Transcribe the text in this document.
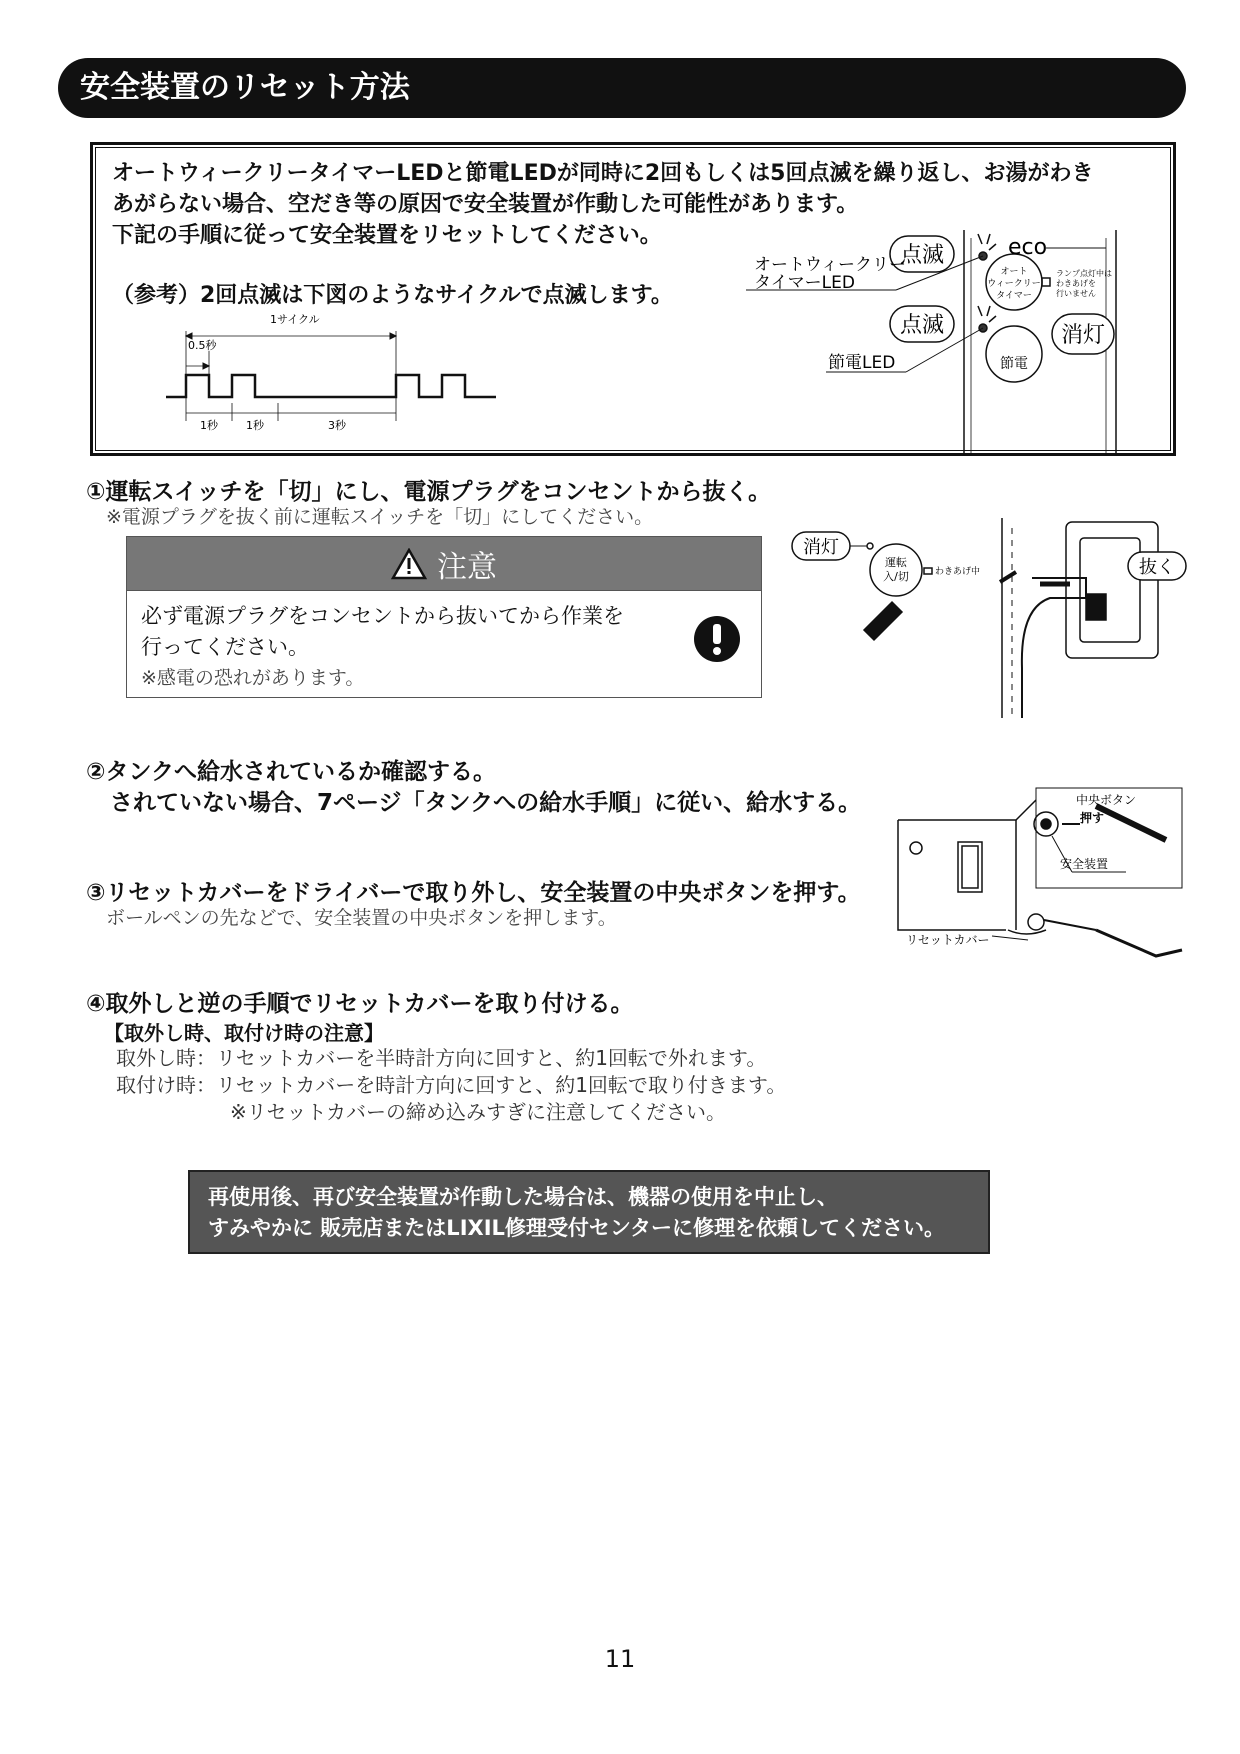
安全装置のリセット方法
オートウィークリータイマーLEDと節電LEDが同時に2回もしくは5回点滅を繰り返し、お湯がわき
あがらない場合、空だき等の原因で安全装置が作動した可能性があります。
下記の手順に従って安全装置をリセットしてください。
（参考）2回点滅は下図のようなサイクルで点滅します。
1サイクル
0.5秒
1秒	1秒	3秒
点滅
点滅	消灯
eco
オートウィークリー
タイマーLED
節電LED
オート
ウィークリー
タイマー
節電
ランプ点灯中は
わきあげを
行いません
①運転スイッチを「切」にし、電源プラグをコンセントから抜く。
※電源プラグを抜く前に運転スイッチを「切」にしてください。
注意
必ず電源プラグをコンセントから抜いてから作業を
行ってください。
※感電の恐れがあります。
消灯
運転
入/切	わきあげ中	抜く
②タンクへ給水されているか確認する。
されていない場合、7ページ「タンクへの給水手順」に従い、給水する。
③リセットカバーをドライバーで取り外し、安全装置の中央ボタンを押す。
ボールペンの先などで、安全装置の中央ボタンを押します。
中央ボタン
押す
安全装置
リセットカバー
④取外しと逆の手順でリセットカバーを取り付ける。
【取外し時、取付け時の注意】
取外し時：リセットカバーを半時計方向に回すと、約1回転で外れます。
取付け時：リセットカバーを時計方向に回すと、約1回転で取り付きます。
※リセットカバーの締め込みすぎに注意してください。
再使用後、再び安全装置が作動した場合は、機器の使用を中止し、
すみやかに 販売店またはLIXIL修理受付センターに修理を依頼してください。
11
